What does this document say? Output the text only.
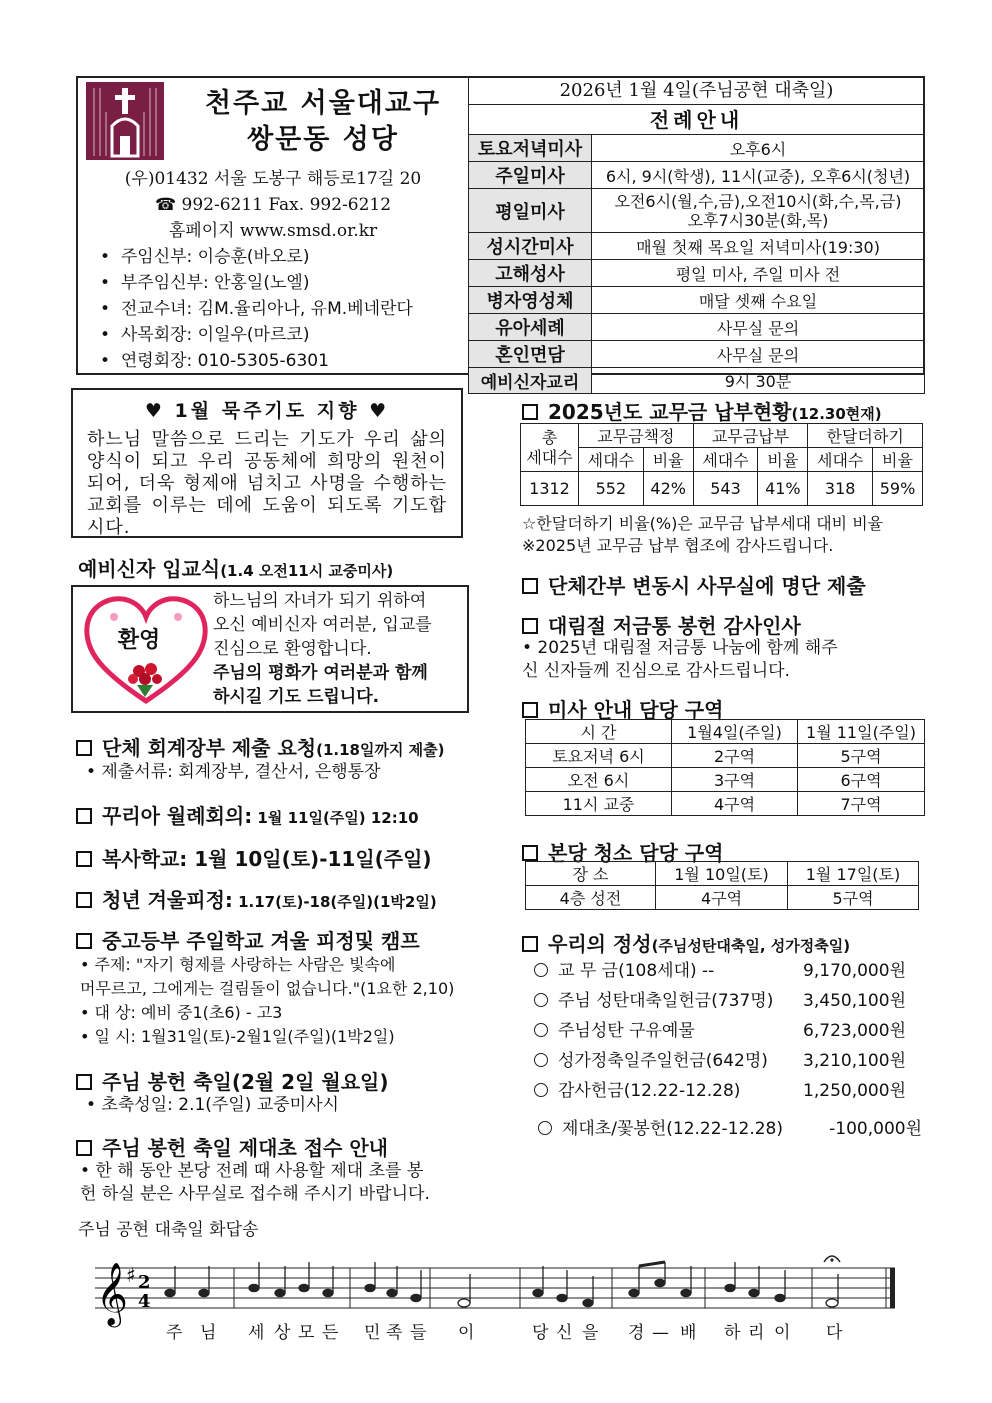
천주교 서울대교구
쌍문동 성당
(우)01432 서울 도봉구 해등로17길 20
☎ 992-6211 Fax. 992-6212
홈페이지 www.smsd.or.kr
•  주임신부: 이승훈(바오로)
•  부주임신부: 안홍일(노엘)
•  전교수녀: 김M.율리아나, 유M.베네란다
•  사목회장: 이일우(마르코)
•  연령회장: 010-5305-6301
2026년 1월 4일(주님공현 대축일)
전례안내
토요저녁미사	오후6시
주일미사	6시, 9시(학생), 11시(교중), 오후6시(청년)
평일미사	오전6시(월,수,금),오전10시(화,수,목,금)
오후7시30분(화,목)

성시간미사	매월 첫째 목요일 저녁미사(19:30)
고해성사	평일 미사, 주일 미사 전
병자영성체	매달 셋째 수요일
유아세례	사무실 문의
혼인면담	사무실 문의
예비신자교리	9시 30분
♥ 1월 묵주기도 지향 ♥
하느님 말씀으로 드리는 기도가 우리 삶의 양식이 되고 우리 공동체에 희망의 원천이 되어, 더욱 형제애 넘치고 사명을 수행하는 교회를 이루는 데에 도움이 되도록 기도합시다.
예비신자 입교식(1.4 오전11시 교중미사)
환영
하느님의 자녀가 되기 위하여
오신 예비신자 여러분, 입교를
진심으로 환영합니다.
주님의 평화가 여러분과 함께
하시길 기도 드립니다.
단체 회계장부 제출 요청(1.18일까지 제출)
• 제출서류: 회계장부, 결산서, 은행통장
꾸리아 월례회의: 1월 11일(주일) 12:10
복사학교: 1월 10일(토)-11일(주일)
청년 겨울피정: 1.17(토)-18(주일)(1박2일)
중고등부 주일학교 겨울 피정및 캠프
• 주제: "자기 형제를 사랑하는 사람은 빛속에
머무르고, 그에게는 걸림돌이 없습니다."(1요한 2,10)
• 대 상: 예비 중1(초6) - 고3
• 일 시: 1월31일(토)-2월1일(주일)(1박2일)
주님 봉헌 축일(2월 2일 월요일)
• 초축성일: 2.1(주일) 교중미사시
주님 봉헌 축일 제대초 접수 안내
• 한 해 동안 본당 전례 때 사용할 제대 초를 봉
헌 하실 분은 사무실로 접수해 주시기 바랍니다.
2025년도 교무금 납부현황(12.30현재)
총
세대수	교무금책정		교무금납부		한달더하기	
	세대수	비율	세대수	비율	세대수	비율
1312	552	42%	543	41%	318	59%
☆한달더하기 비율(%)은 교무금 납부세대 대비 비율
※2025년 교무금 납부 협조에 감사드립니다.
단체간부 변동시 사무실에 명단 제출
대림절 저금통 봉헌 감사인사
• 2025년 대림절 저금통 나눔에 함께 해주
신 신자들께 진심으로 감사드립니다.
미사 안내 담당 구역
시 간	1월4일(주일)	1월 11일(주일)
토요저녁 6시	2구역	5구역
오전 6시	3구역	6구역
11시 교중	4구역	7구역
본당 청소 담당 구역
장 소	1월 10일(토)	1월 17일(토)
4층 성전	4구역	5구역
우리의 정성(주님성탄대축일, 성가정축일)
교 무 금(108세대) --	9,170,000원
주님 성탄대축일헌금(737명) 3,450,100원
주님성탄 구유예물	6,723,000원
성가정축일주일헌금(642명) 3,210,100원
감사헌금(12.22-12.28)	1,250,000원
제대초/꽃봉헌(12.22-12.28)	-100,000원
주님 공현 대축일 화답송
𝄞
♯ 2
4
주 님 세 상 모 든 민 족 들 이	당 신 을 경 — 배 하 리 이 다
